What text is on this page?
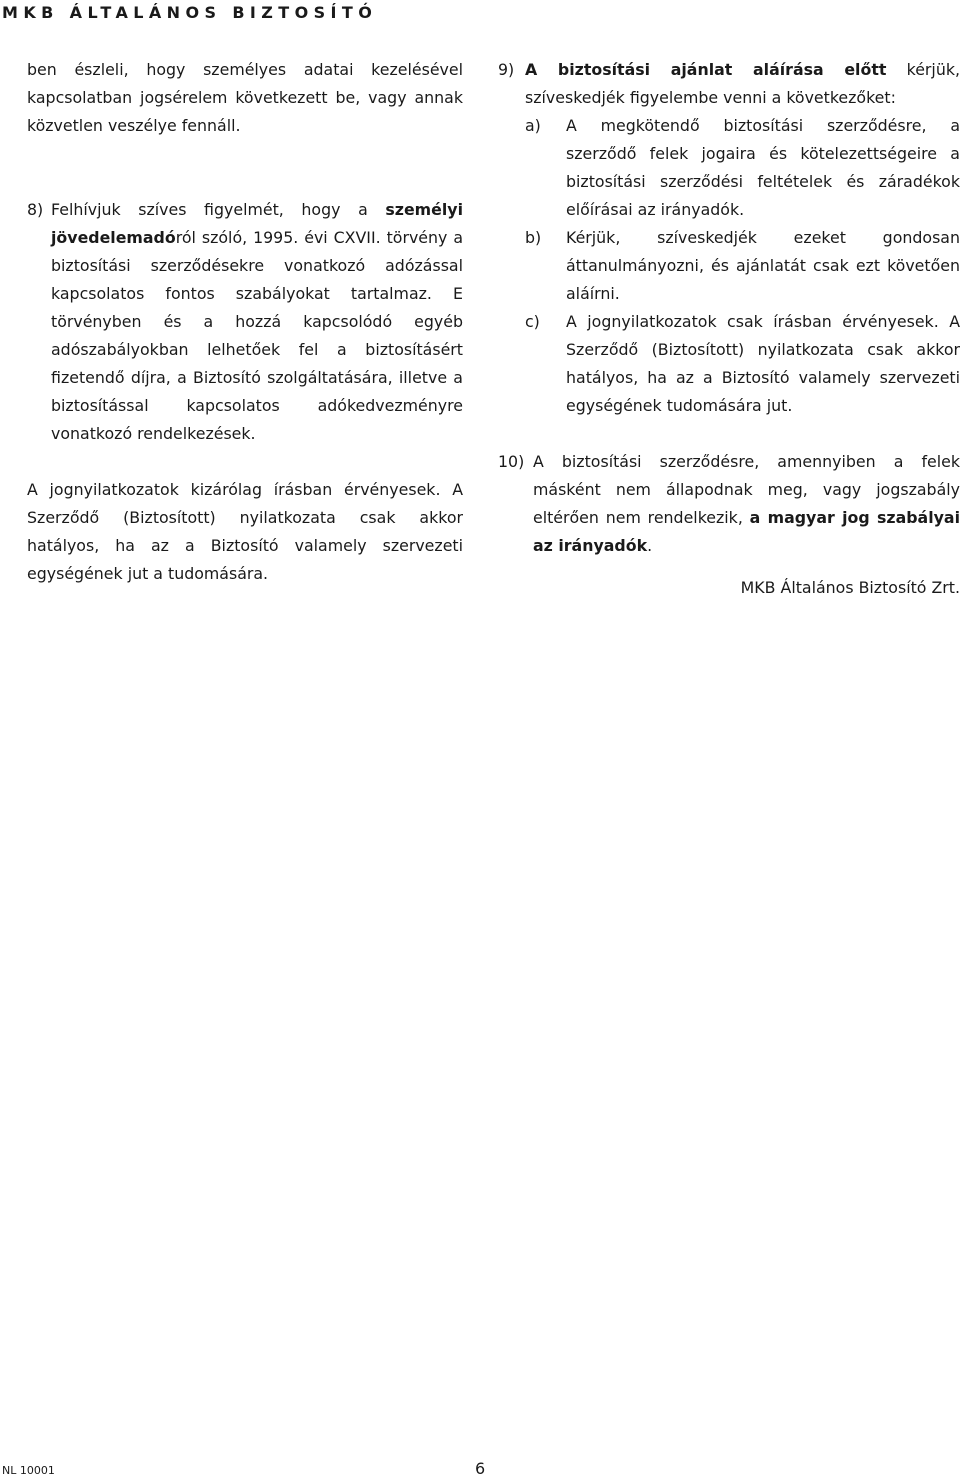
MKB ÁLTALÁNOS BIZTOSÍTÓ

ben észleli, hogy személyes adatai kezelésével kapcsolatban jogsérelem következett be, vagy annak közvetlen veszélye fennáll.

8) Felhívjuk szíves figyelmét, hogy a személyi jövedelemadóról szóló, 1995. évi CXVII. törvény a biztosítási szerződésekre vonatkozó adózással kapcsolatos fontos szabályokat tartalmaz. E törvényben és a hozzá kapcsolódó egyéb adószabályokban lelhetőek fel a biztosításért fizetendő díjra, a Biztosító szolgáltatására, illetve a biztosítással kapcsolatos adókedvezményre vonatkozó rendelkezések.

A jognyilatkozatok kizárólag írásban érvényesek. A Szerződő (Biztosított) nyilatkozata csak akkor hatályos, ha az a Biztosító valamely szervezeti egységének jut a tudomására.

9) A biztosítási ajánlat aláírása előtt kérjük, szíveskedjék figyelembe venni a következőket:

a)	A megkötendő biztosítási szerződésre, a szerződő felek jogaira és kötelezettségeire a biztosítási szerződési feltételek és záradékok előírásai az irányadók.

b)	Kérjük, szíveskedjék ezeket gondosan áttanulmányozni, és ajánlatát csak ezt követően aláírni.

c)	A jognyilatkozatok csak írásban érvényesek. A Szerződő (Biztosított) nyilatkozata csak akkor hatályos, ha az a Biztosító valamely szervezeti egységének tudomására jut.

10) A biztosítási szerződésre, amennyiben a felek másként nem állapodnak meg, vagy jogszabály eltérően nem rendelkezik, a magyar jog szabályai az irányadók.

MKB Általános Biztosító Zrt.

NL 10001	6
